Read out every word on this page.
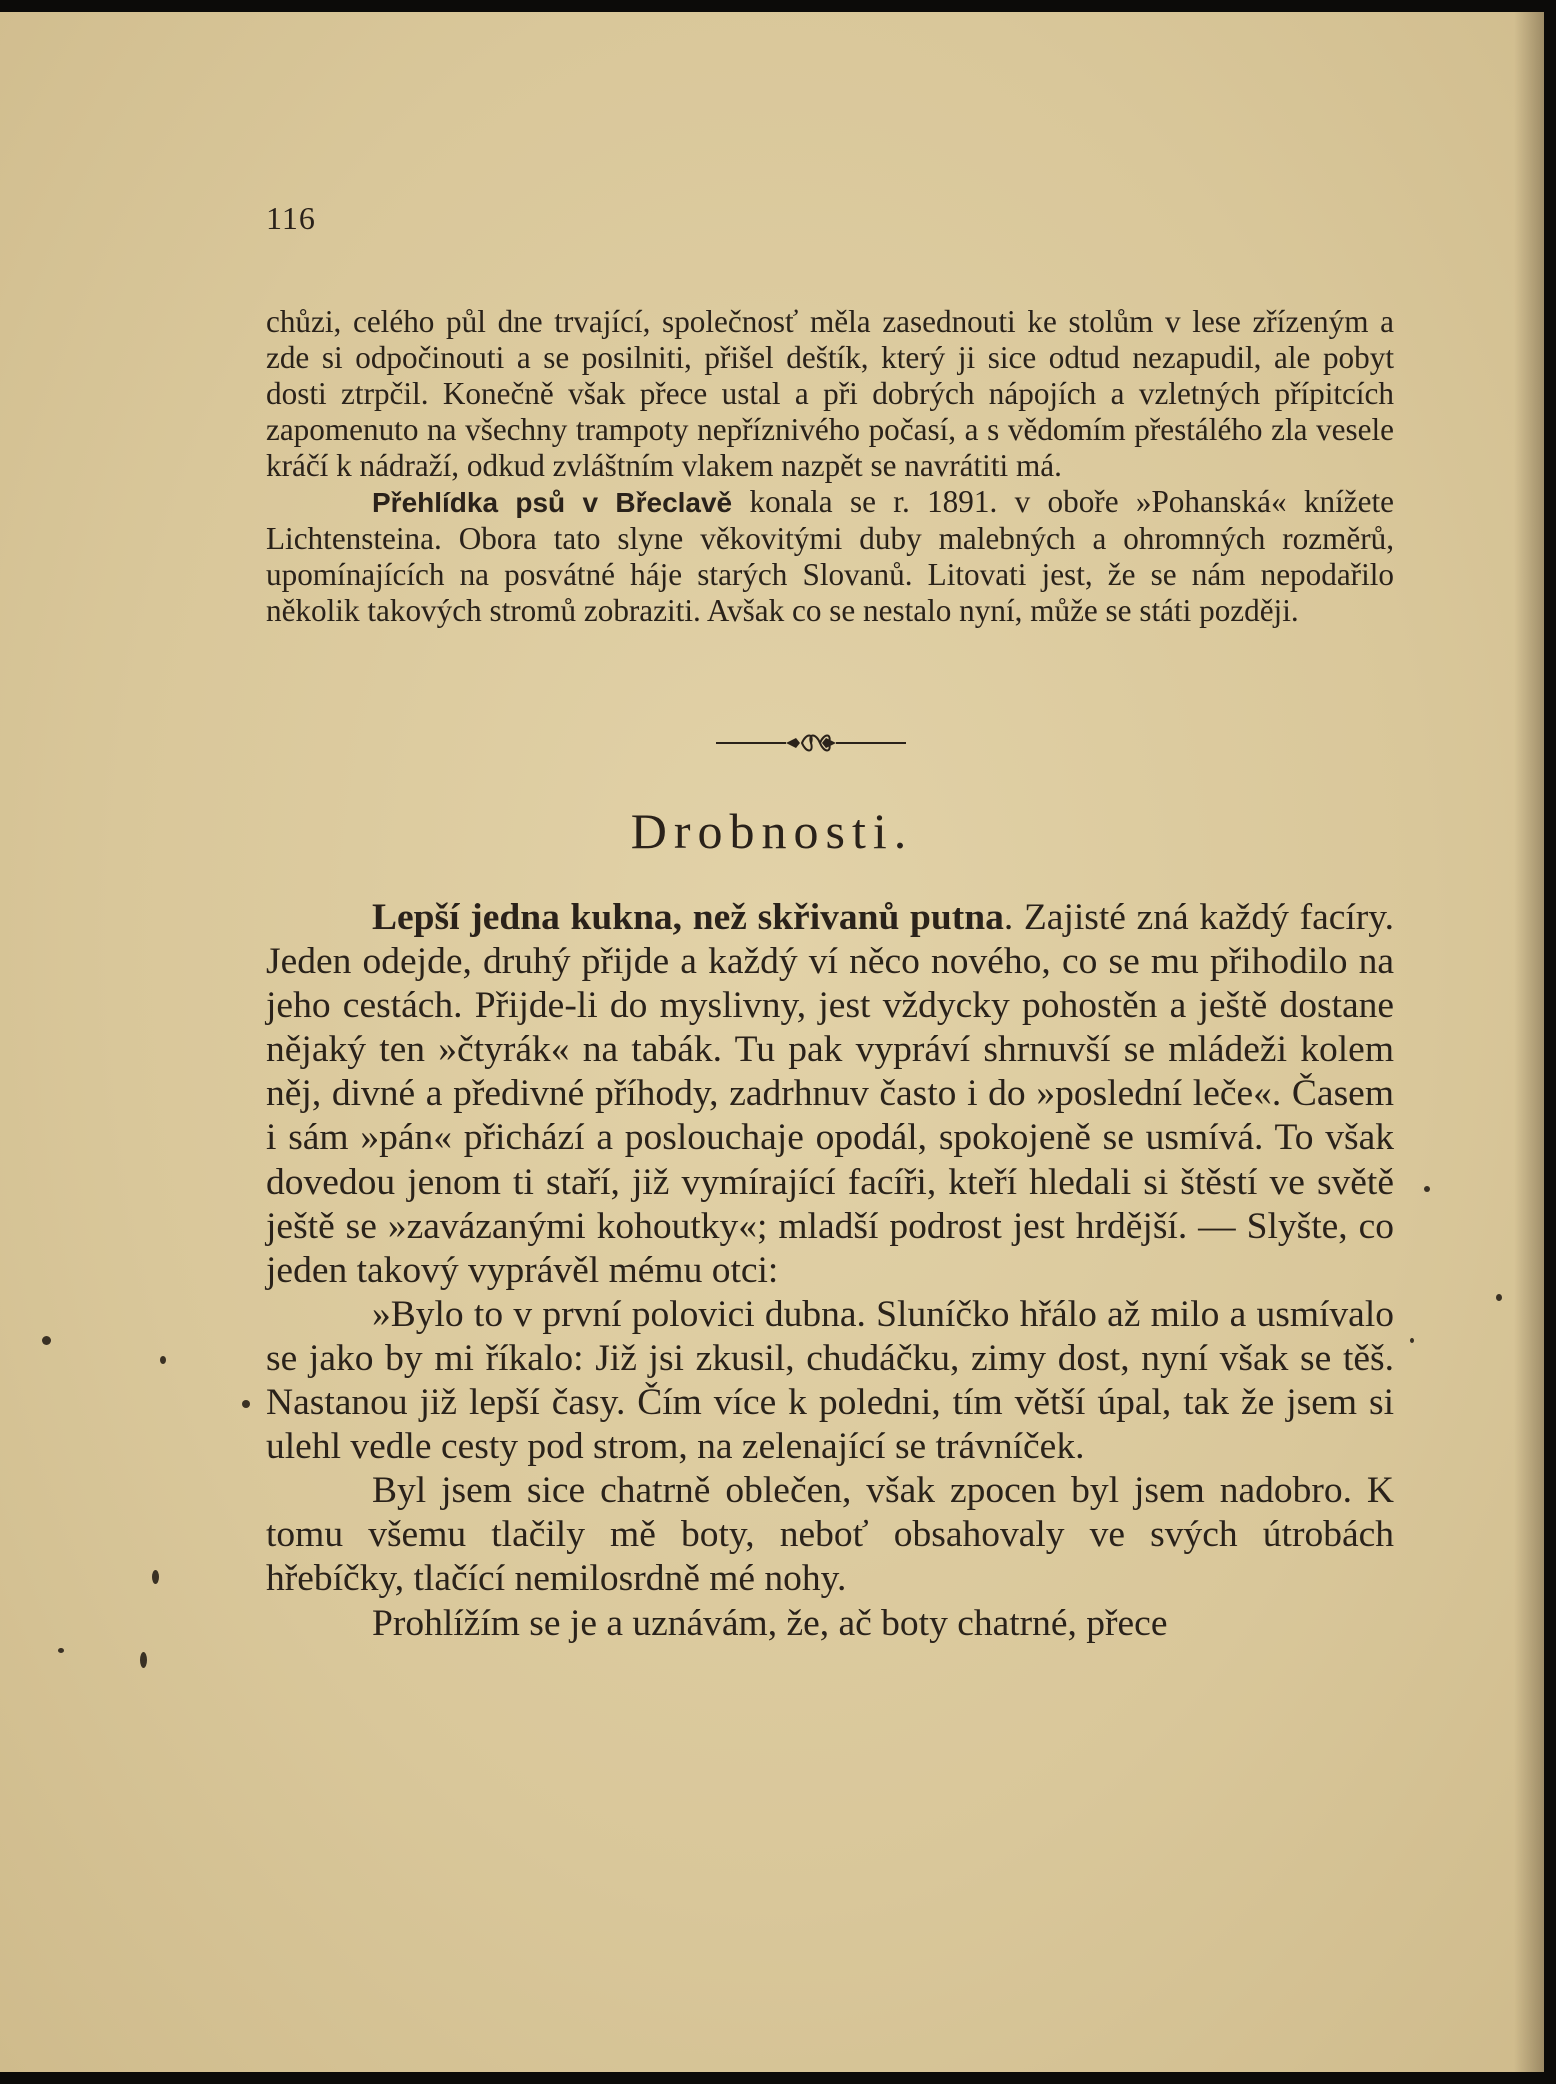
116

chůzi, celého půl dne trvající, společnosť měla zasednouti ke stolům v lese zřízeným a zde si odpočinouti a se posilniti, přišel deštík, který ji sice odtud nezapudil, ale pobyt dosti ztrpčil. Konečně však přece ustal a při dobrých nápojích a vzletných přípitcích zapomenuto na všechny trampoty nepříznivého počasí, a s vědomím přestálého zla vesele kráčí k nádraží, odkud zvláštním vlakem nazpět se navrátiti má.

Přehlídka psů v Břeclavě konala se r. 1891. v oboře »Pohanská« knížete Lichtensteina. Obora tato slyne věkovitými duby malebných a ohromných rozměrů, upomínajících na posvátné háje starých Slovanů. Litovati jest, že se nám nepodařilo několik takových stromů zobraziti. Avšak co se nestalo nyní, může se státi později.

Drobnosti.

Lepší jedna kukna, než skřivanů putna. Zajisté zná každý facíry. Jeden odejde, druhý přijde a každý ví něco nového, co se mu přihodilo na jeho cestách. Přijde-li do myslivny, jest vždycky pohostěn a ještě dostane nějaký ten »čtyrák« na tabák. Tu pak vypráví shrnuvší se mládeži kolem něj, divné a předivné příhody, zadrhnuv často i do »poslední leče«. Časem i sám »pán« přichází a poslouchaje opodál, spokojeně se usmívá. To však dovedou jenom ti staří, již vymírající facíři, kteří hledali si štěstí ve světě ještě se »zavázanými kohoutky«; mladší podrost jest hrdější. — Slyšte, co jeden takový vyprávěl mému otci:

»Bylo to v první polovici dubna. Sluníčko hřálo až milo a usmívalo se jako by mi říkalo: Již jsi zkusil, chudáčku, zimy dost, nyní však se těš. Nastanou již lepší časy. Čím více k poledni, tím větší úpal, tak že jsem si ulehl vedle cesty pod strom, na zelenající se trávníček.

Byl jsem sice chatrně oblečen, však zpocen byl jsem nadobro. K tomu všemu tlačily mě boty, neboť obsahovaly ve svých útrobách hřebíčky, tlačící nemilosrdně mé nohy.

Prohlížím se je a uznávám, že, ač boty chatrné, přece
